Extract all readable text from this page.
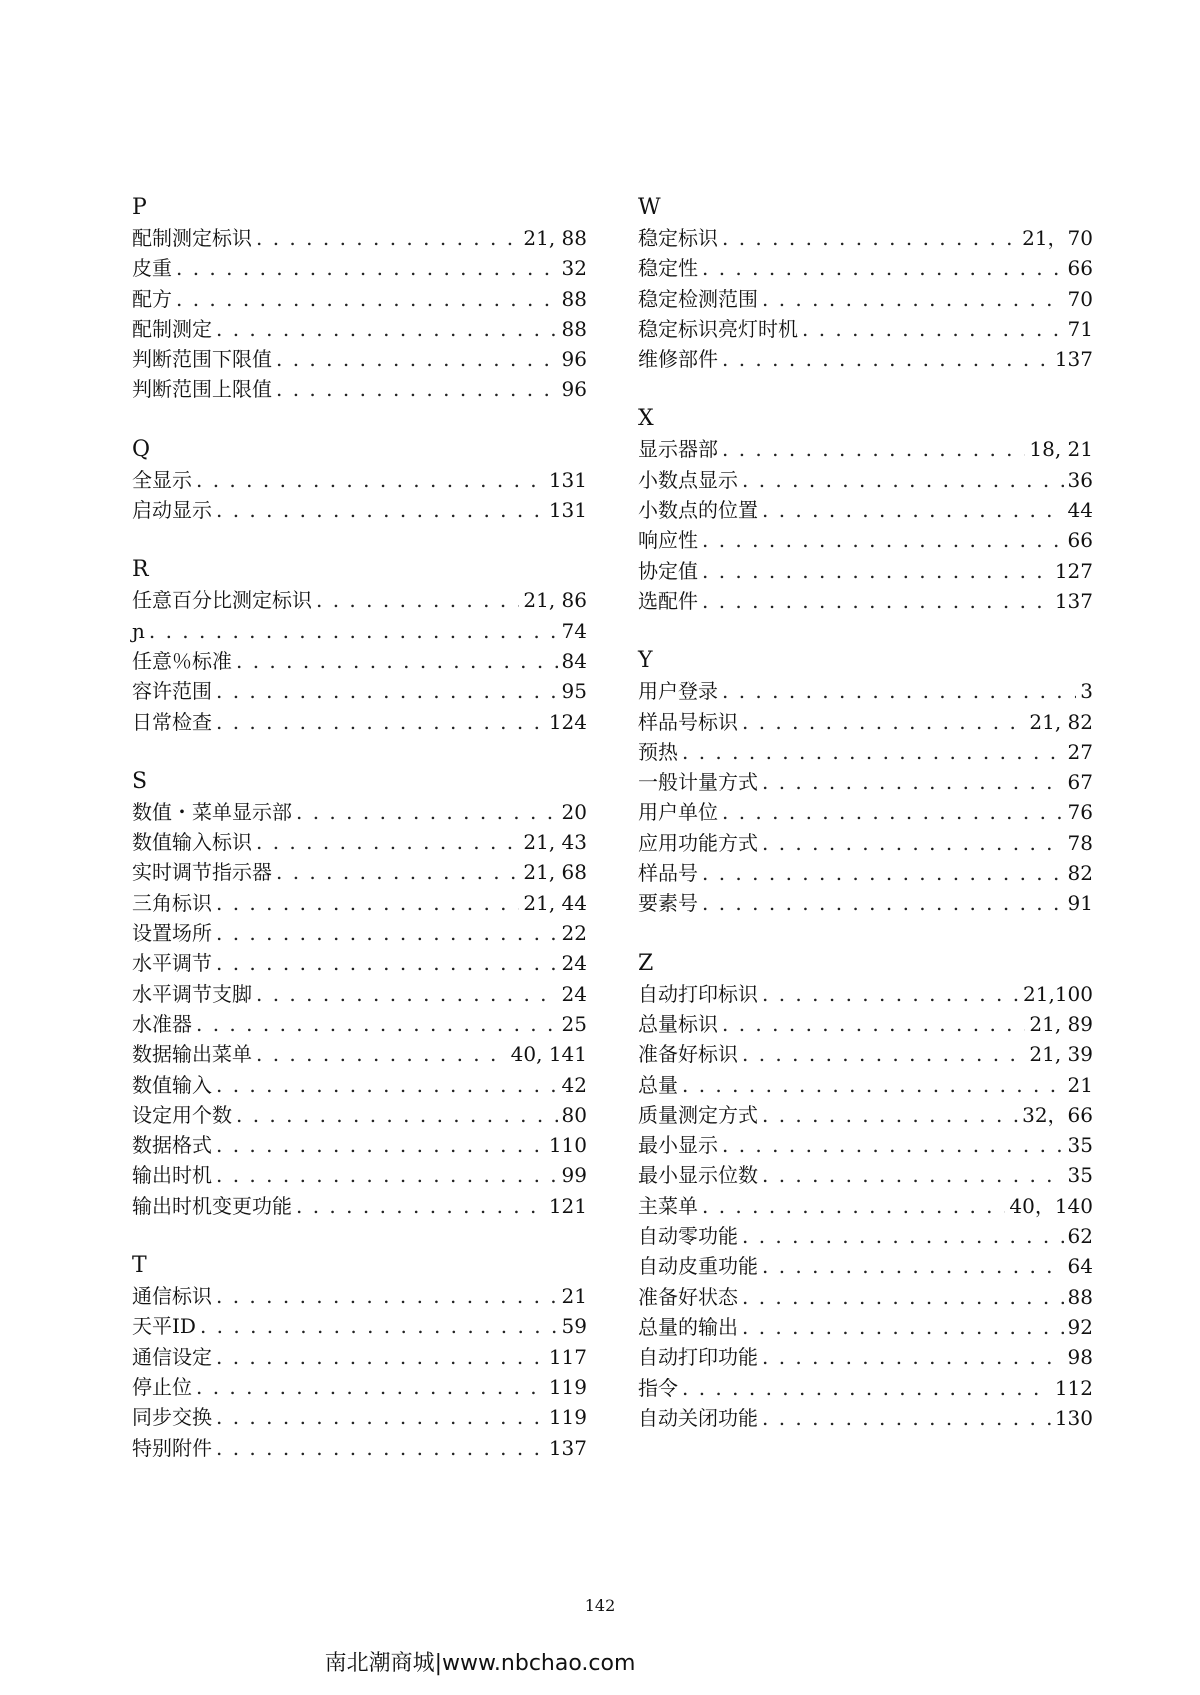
P
配制测定标识 . . .	21, 88
皮重 . . .	32
配方 . . .	88
配制测定 . . .	88
判断范围下限值 . . .	96
判断范围上限值 . . .	96
Q
全显示 . . .	131
启动显示 . . .	131
R
任意百分比测定标识 . . .	21, 86
ɲ . . .	74
任意％标准 . . .	84
容许范围 . . .	95
日常检查 . . .	124
S
数值・菜单显示部 . . .	20
数值输入标识 . . .	21, 43
实时调节指示器 . . .	21, 68
三角标识 . . .	21, 44
设置场所 . . .	22
水平调节 . . .	24
水平调节支脚 . . .	24
水准器 . . .	25
数据输出菜单 . . .	40, 141
数值输入 . . .	42
设定用个数 . . .	80
数据格式 . . .	110
输出时机 . . .	99
输出时机变更功能 . . .	121
T
通信标识 . . .	21
天平ID . . .	59
通信设定 . . .	117
停止位 . . .	119
同步交换 . . .	119
特别附件 . . .	137
W
稳定标识 . . .	21，70
稳定性 . . .	66
稳定检测范围 . . .	70
稳定标识亮灯时机 . . .	71
维修部件 . . .	137
X
显示器部 . . .	18, 21
小数点显示 . . .	36
小数点的位置 . . .	44
响应性 . . .	66
协定值 . . .	127
选配件 . . .	137
Y
用户登录 . . .	3
样品号标识 . . .	21, 82
预热 . . .	27
一般计量方式 . . .	67
用户单位 . . .	76
应用功能方式 . . .	78
样品号 . . .	82
要素号 . . .	91
Z
自动打印标识 . . .	21,100
总量标识 . . .	21, 89
准备好标识 . . .	21, 39
总量 . . .	21
质量测定方式 . . .	32，66
最小显示 . . .	35
最小显示位数 . . .	35
主菜单 . . .	40，140
自动零功能 . . .	62
自动皮重功能 . . .	64
准备好状态 . . .	88
总量的输出 . . .	92
自动打印功能 . . .	98
指令 . . .	112
自动关闭功能 . . .	130
142
南北潮商城|www.nbchao.com
